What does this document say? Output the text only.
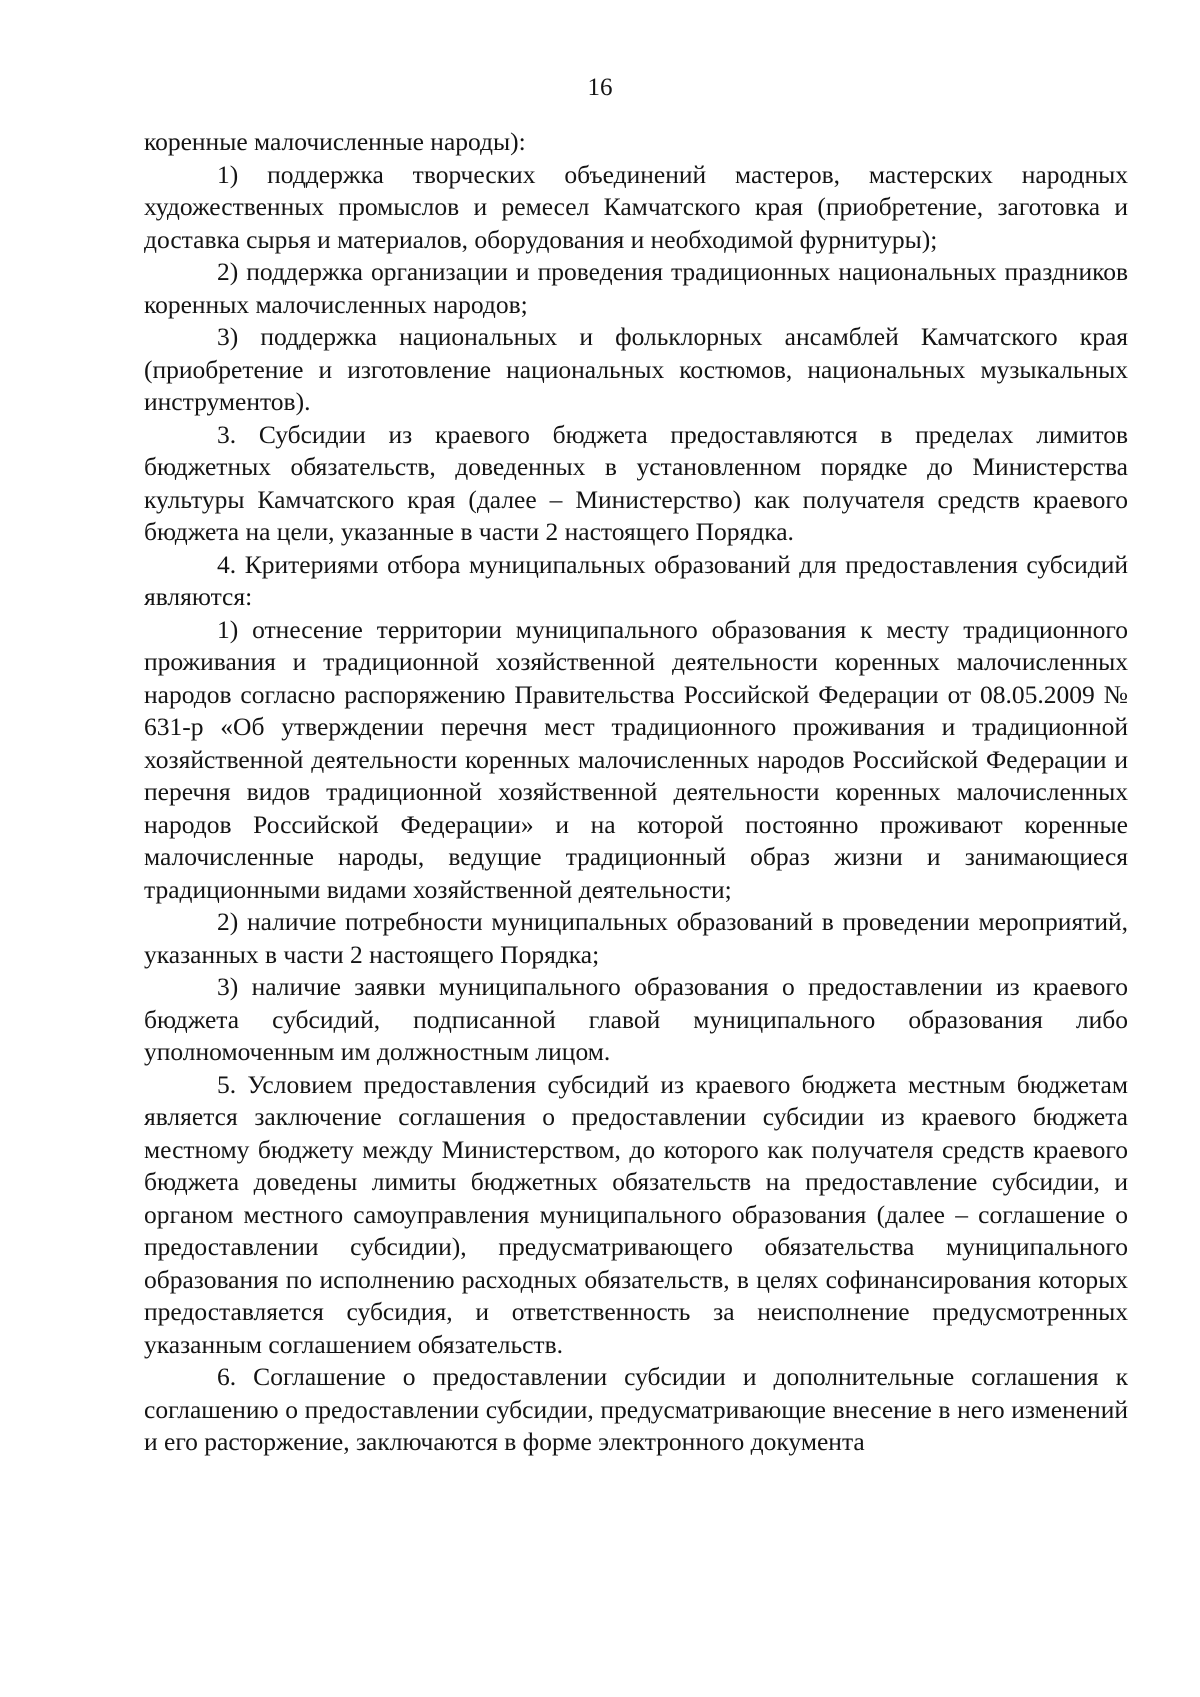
16

коренные малочисленные народы):

1) поддержка творческих объединений мастеров, мастерских народных художественных промыслов и ремесел Камчатского края (приобретение, заготовка и доставка сырья и материалов, оборудования и необходимой фурнитуры);

2) поддержка организации и проведения традиционных национальных праздников коренных малочисленных народов;

3) поддержка национальных и фольклорных ансамблей Камчатского края (приобретение и изготовление национальных костюмов, национальных музыкальных инструментов).

3. Субсидии из краевого бюджета предоставляются в пределах лимитов бюджетных обязательств, доведенных в установленном порядке до Министерства культуры Камчатского края (далее – Министерство) как получателя средств краевого бюджета на цели, указанные в части 2 настоящего Порядка.

4. Критериями отбора муниципальных образований для предоставления субсидий являются:

1) отнесение территории муниципального образования к месту традиционного проживания и традиционной хозяйственной деятельности коренных малочисленных народов согласно распоряжению Правительства Российской Федерации от 08.05.2009 № 631-р «Об утверждении перечня мест традиционного проживания и традиционной хозяйственной деятельности коренных малочисленных народов Российской Федерации и перечня видов традиционной хозяйственной деятельности коренных малочисленных народов Российской Федерации» и на которой постоянно проживают коренные малочисленные народы, ведущие традиционный образ жизни и занимающиеся традиционными видами хозяйственной деятельности;

2) наличие потребности муниципальных образований в проведении мероприятий, указанных в части 2 настоящего Порядка;

3) наличие заявки муниципального образования о предоставлении из краевого бюджета субсидий, подписанной главой муниципального образования либо уполномоченным им должностным лицом.

5. Условием предоставления субсидий из краевого бюджета местным бюджетам является заключение соглашения о предоставлении субсидии из краевого бюджета местному бюджету между Министерством, до которого как получателя средств краевого бюджета доведены лимиты бюджетных обязательств на предоставление субсидии, и органом местного самоуправления муниципального образования (далее – соглашение о предоставлении субсидии), предусматривающего обязательства муниципального образования по исполнению расходных обязательств, в целях софинансирования которых предоставляется субсидия, и ответственность за неисполнение предусмотренных указанным соглашением обязательств.

6. Соглашение о предоставлении субсидии и дополнительные соглашения к соглашению о предоставлении субсидии, предусматривающие внесение в него изменений и его расторжение, заключаются в форме электронного документа
